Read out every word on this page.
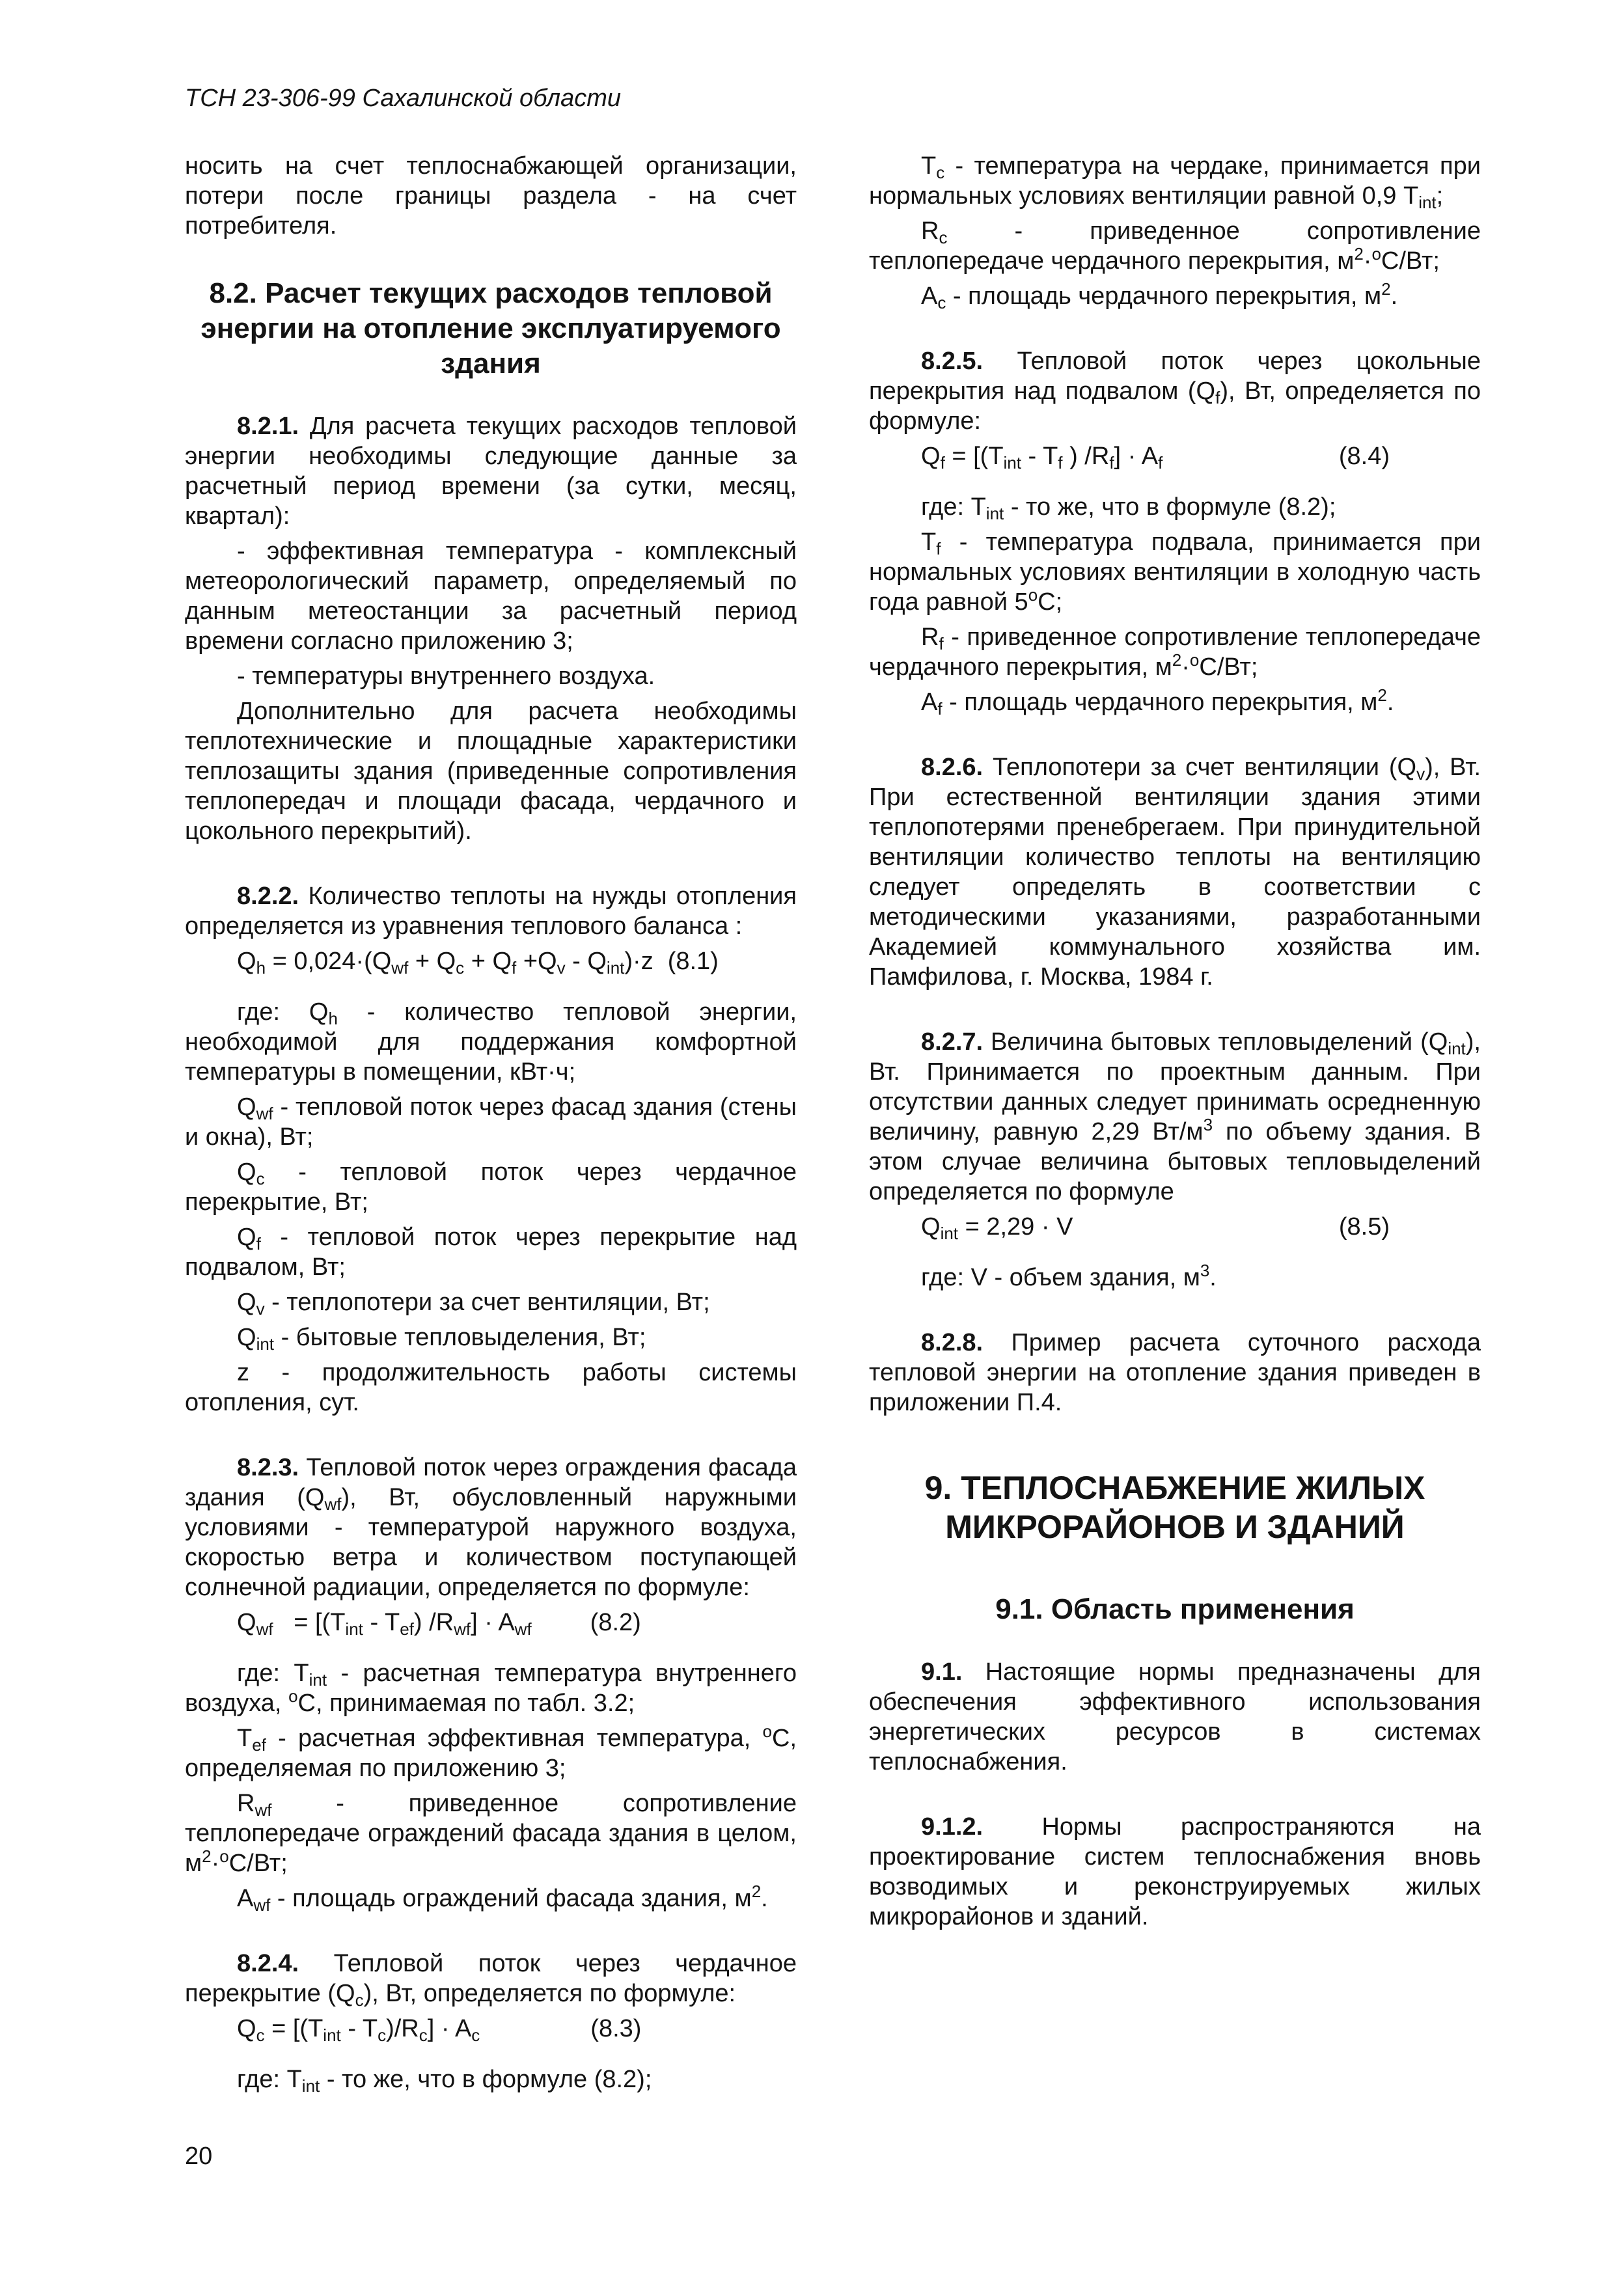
ТСН 23-306-99 Сахалинской области

носить на счет теплоснабжающей организации, потери после границы раздела - на счет потребителя.

8.2. Расчет текущих расходов тепловой энергии на отопление эксплуатируемого здания

8.2.1. Для расчета текущих расходов тепловой энергии необходимы следующие данные за расчетный период времени (за сутки, месяц, квартал):

- эффективная температура - комплексный метеорологический параметр, определяемый по данным метеостанции за расчетный период времени согласно приложению 3;

- температуры внутреннего воздуха.

Дополнительно для расчета необходимы теплотехнические и площадные характеристики теплозащиты здания (приведенные сопротивления теплопередач и площади фасада, чердачного и цокольного перекрытий).

8.2.2. Количество теплоты на нужды отопления определяется из уравнения теплового баланса :

$Q_h = 0,024\cdot(Q_{wf} + Q_c + Q_f +Q_v - Q_{int})\cdot z$ (8.1)

где: $Q_h$ - количество тепловой энергии, необходимой для поддержания комфортной температуры в помещении, кВт·ч;

$Q_{wf}$ - тепловой поток через фасад здания (стены и окна), Вт;

$Q_c$ - тепловой поток через чердачное перекрытие, Вт;

$Q_f$ - тепловой поток через перекрытие над подвалом, Вт;

$Q_v$ - теплопотери за счет вентиляции, Вт;

$Q_{int}$ - бытовые тепловыделения, Вт;

z - продолжительность работы системы отопления, сут.

8.2.3. Тепловой поток через ограждения фасада здания $(Q_{wf})$, Вт, обусловленный наружными условиями - температурой наружного воздуха, скоростью ветра и количеством поступающей солнечной радиации, определяется по формуле:

$Q_{wf} = [(T_{int} - T_{ef}) /R_{wf}] \cdot A_{wf}$	(8.2)

где: $T_{int}$ - расчетная температура внутреннего воздуха, $^o$C, принимаемая по табл. 3.2;

$T_{ef}$ - расчетная эффективная температура, $^o$C, определяемая по приложению 3;

$R_{wf}$	- приведенное сопротивление теплопередаче ограждений фасада здания в целом, $м^2\cdot^oC/Вт$;

$A_{wf}$ - площадь ограждений фасада здания, $м^2$.

8.2.4. Тепловой поток через чердачное перекрытие $(Q_c)$, Вт, определяется по формуле:

$Q_c = [(T_{int} - T_c)/R_c] \cdot A_c$	(8.3)

где: $T_{int}$ - то же, что в формуле (8.2);

$T_c$ - температура на чердаке, принимается при нормальных условиях вентиляции равной 0,9 $T_{int}$;

$R_c$	- приведенное сопротивление теплопередаче чердачного перекрытия, $м^2\cdot^oC/Вт$;

$A_c$ - площадь чердачного перекрытия, $м^2$.

8.2.5. Тепловой поток через цокольные перекрытия над подвалом $(Q_f)$, Вт, определяется по формуле:

$Q_f = [(T_{int} - T_f$ ) $/R_f] \cdot A_f$	(8.4)

где: $T_{int}$ - то же, что в формуле (8.2);

$T_f$ - температура подвала, принимается при нормальных условиях вентиляции в холодную часть года равной 5$^o$C;

$R_f$ - приведенное сопротивление теплопередаче чердачного перекрытия, $м^2\cdot^oC/Вт$;

$A_f$ - площадь чердачного перекрытия, $м^2$.

8.2.6. Теплопотери за счет вентиляции $(Q_v)$, Вт. При естественной вентиляции здания этими теплопотерями пренебрегаем. При принудительной вентиляции количество теплоты на вентиляцию следует определять в соответствии с методическими указаниями, разработанными Академией коммунального хозяйства им. Памфилова, г. Москва, 1984 г.

8.2.7. Величина бытовых тепловыделений $(Q_{int})$, Вт. Принимается по проектным данным. При отсутствии данных следует принимать осредненную величину, равную 2,29 $Вт/м^3$ по объему здания. В этом случае величина бытовых тепловыделений определяется по формуле

$Q_{int} = 2,29 \cdot V$	(8.5)

где: V - объем здания, $м^3$.

8.2.8. Пример расчета суточного расхода тепловой энергии на отопление здания приведен в приложении П.4.

9. ТЕПЛОСНАБЖЕНИЕ ЖИЛЫХ МИКРОРАЙОНОВ И ЗДАНИЙ
9.1. Область применения

9.1. Настоящие нормы предназначены для обеспечения эффективного использования энергетических ресурсов в системах теплоснабжения.

9.1.2. Нормы распространяются на проектирование систем теплоснабжения вновь возводимых и реконструируемых жилых микрорайонов и зданий.

20
